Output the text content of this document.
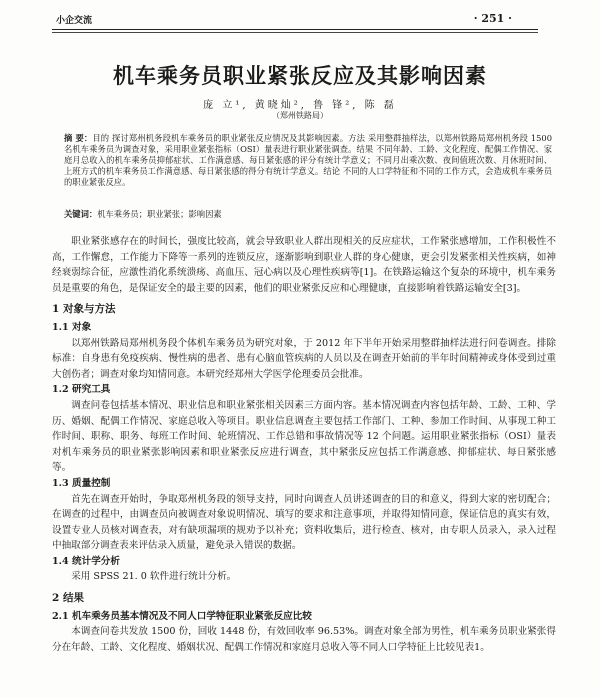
小企交流	· 251 ·
机车乘务员职业紧张反应及其影响因素
庞 立¹, 黄晓灿², 鲁 锋², 陈 磊
（郑州铁路局）
摘 要：目的 探讨郑州机务段机车乘务员的职业紧张反应情况及其影响因素。方法 采用整群抽样法，以郑州铁路局郑州机务段 1500 名机车乘务员为调查对象，采用职业紧张指标（OSI）量表进行职业紧张调查。结果 不同年龄、工龄、文化程度、配偶工作情况、家庭月总收入的机车乘务员抑郁症状、工作满意感、每日紧张感的评分有统计学意义；不同月出乘次数、夜间值班次数、月休班时间、上班方式的机车乘务员工作满意感、每日紧张感的得分有统计学意义。结论 不同的人口学特征和不同的工作方式，会造成机车乘务员的职业紧张反应。
关键词：机车乘务员；职业紧张；影响因素

职业紧张感存在的时间长，强度比较高，就会导致职业人群出现相关的反应症状，工作紧张感增加，工作积极性不高，工作懈怠，工作能力下降等一系列的连锁反应，逐渐影响到职业人群的身心健康，更会引发紧张相关性疾病，如神经衰弱综合征，应激性消化系统溃疡、高血压、冠心病以及心理性疾病等[1]。在铁路运输这个复杂的环境中，机车乘务员是重要的角色，是保证安全的最主要的因素，他们的职业紧张反应和心理健康，直接影响着铁路运输安全[3]。

1 对象与方法
1.1 对象

以郑州铁路局郑州机务段个体机车乘务员为研究对象，于 2012 年下半年开始采用整群抽样法进行问卷调查。排除标准：自身患有免疫疾病、慢性病的患者、患有心脑血管疾病的人员以及在调查开始前的半年时间精神或身体受到过重大创伤者；调查对象均知情同意。本研究经郑州大学医学伦理委员会批准。

1.2 研究工具

调查问卷包括基本情况、职业信息和职业紧张相关因素三方面内容。基本情况调查内容包括年龄、工龄、工种、学历、婚姻、配偶工作情况、家庭总收入等项目。职业信息调查主要包括工作部门、工种、参加工作时间、从事现工种工作时间、职称、职务、每班工作时间、轮班情况、工作总错和事故情况等 12 个问题。运用职业紧张指标（OSI）量表对机车乘务员的职业紧张影响因素和职业紧张反应进行调查，其中紧张反应包括工作满意感、抑郁症状、每日紧张感等。

1.3 质量控制

首先在调查开始时，争取郑州机务段的领导支持，同时向调查人员讲述调查的目的和意义，得到大家的密切配合；在调查的过程中，由调查员向被调查对象说明情况、填写的要求和注意事项，并取得知情同意，保证信息的真实有效，设置专业人员核对调查表，对有缺项漏项的规劝予以补充；资料收集后，进行检查、核对，由专职人员录入，录入过程中抽取部分调查表来评估录入质量，避免录入错误的数据。

1.4 统计学分析

采用 SPSS 21. 0 软件进行统计分析。

2 结果
2.1 机车乘务员基本情况及不同人口学特征职业紧张反应比较

本调查问卷共发放 1500 份，回收 1448 份，有效回收率 96.53%。调查对象全部为男性，机车乘务员职业紧张得分在年龄、工龄、文化程度、婚姻状况、配偶工作情况和家庭月总收入等不同人口学特征上比较见表1。
